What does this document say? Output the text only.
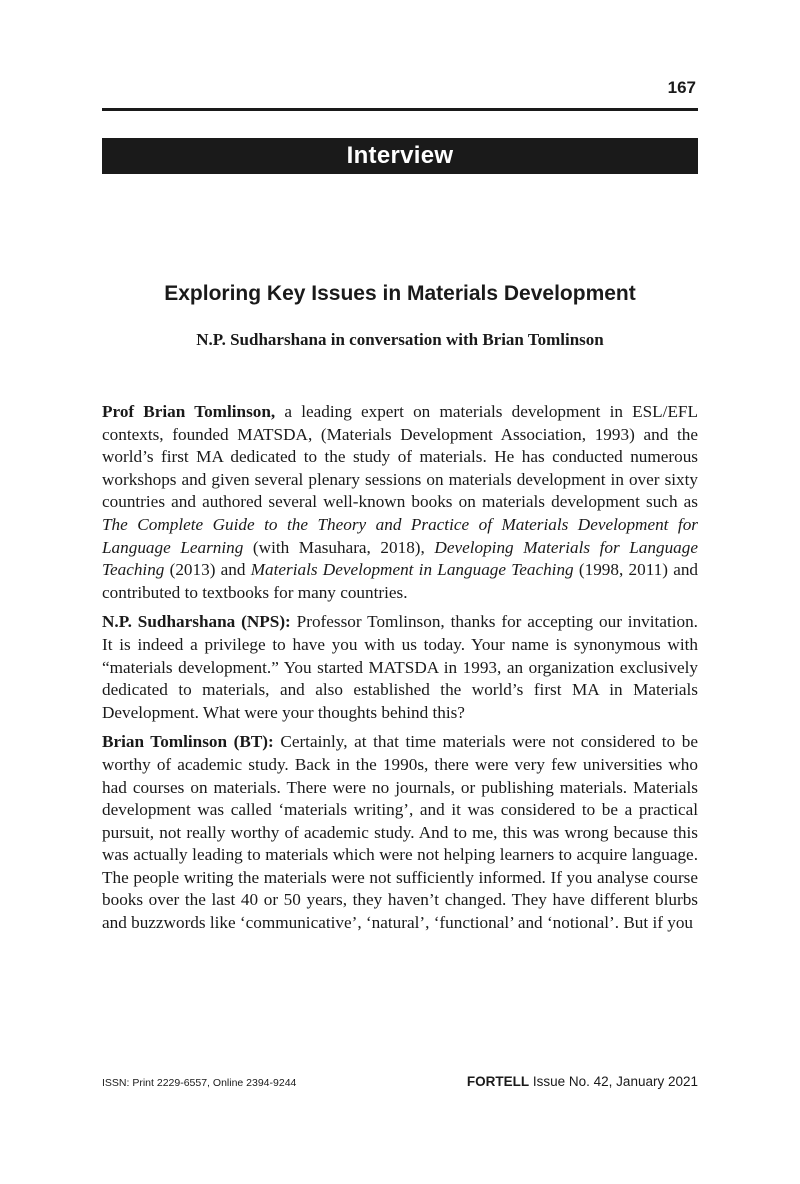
167
Interview
Exploring Key Issues in Materials Development
N.P. Sudharshana in conversation with Brian Tomlinson

Prof Brian Tomlinson, a leading expert on materials development in ESL/EFL contexts, founded MATSDA, (Materials Development Association, 1993) and the world’s first MA dedicated to the study of materials. He has conducted numerous workshops and given several plenary sessions on materials development in over sixty countries and authored several well-known books on materials development such as The Complete Guide to the Theory and Practice of Materials Development for Language Learning (with Masuhara, 2018), Developing Materials for Language Teaching (2013) and Materials Development in Language Teaching (1998, 2011) and contributed to textbooks for many countries.

N.P. Sudharshana (NPS): Professor Tomlinson, thanks for accepting our invitation. It is indeed a privilege to have you with us today. Your name is synonymous with “materials development.” You started MATSDA in 1993, an organization exclusively dedicated to materials, and also established the world’s first MA in Materials Development. What were your thoughts behind this?

Brian Tomlinson (BT): Certainly, at that time materials were not considered to be worthy of academic study. Back in the 1990s, there were very few universities who had courses on materials. There were no journals, or publishing materials. Materials development was called ‘materials writing’, and it was considered to be a practical pursuit, not really worthy of academic study. And to me, this was wrong because this was actually leading to materials which were not helping learners to acquire language. The people writing the materials were not sufficiently informed. If you analyse course books over the last 40 or 50 years, they haven’t changed. They have different blurbs and buzzwords like ‘communicative’, ‘natural’, ‘functional’ and ‘notional’. But if you

ISSN: Print 2229-6557, Online 2394-9244	FORTELL Issue No. 42, January 2021
